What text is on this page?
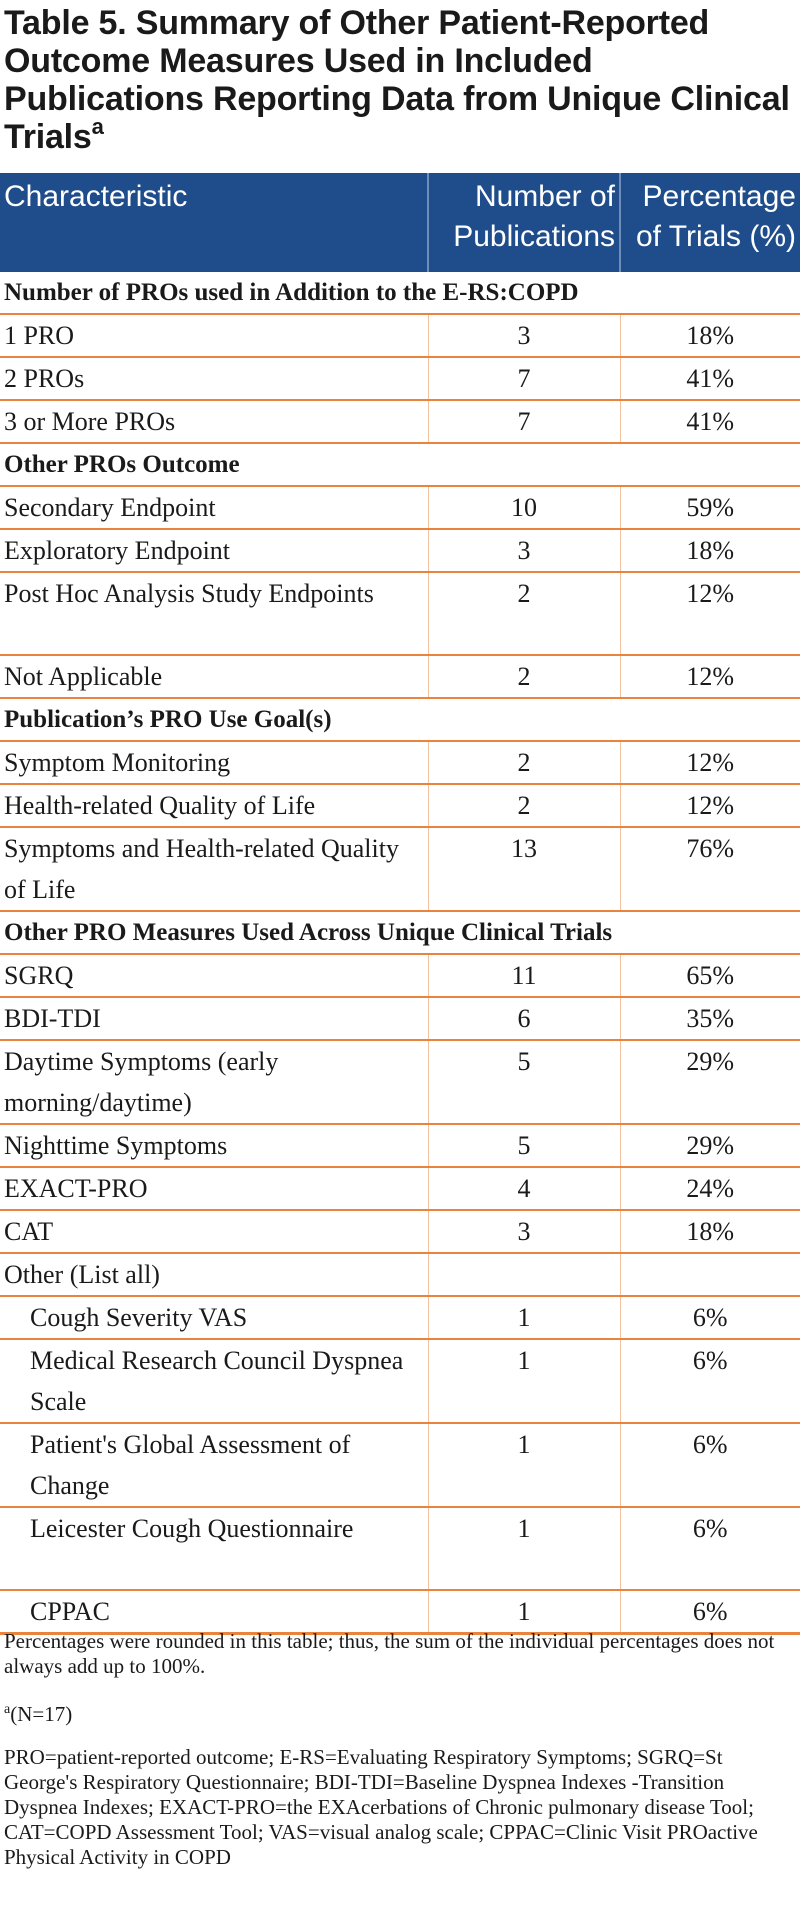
Table 5. Summary of Other Patient-Reported Outcome Measures Used in Included Publications Reporting Data from Unique Clinical Trials$^a$
Characteristic	Number of Publications	Percentage of Trials (%)
Number of PROs used in Addition to the E-RS:COPD		
1 PRO	3	18%
2 PROs	7	41%
3 or More PROs	7	41%
Other PROs Outcome		
Secondary Endpoint	10	59%
Exploratory Endpoint	3	18%
Post Hoc Analysis Study Endpoints	2	12%
Not Applicable	2	12%
Publication’s PRO Use Goal(s)		
Symptom Monitoring	2	12%
Health-related Quality of Life	2	12%
Symptoms and Health-related Quality of Life	13	76%
Other PRO Measures Used Across Unique Clinical Trials		
SGRQ	11	65%
BDI-TDI	6	35%
Daytime Symptoms (early morning/daytime)	5	29%
Nighttime Symptoms	5	29%
EXACT-PRO	4	24%
CAT	3	18%
Other (List all)		
Cough Severity VAS	1	6%
Medical Research Council Dyspnea Scale	1	6%
Patient's Global Assessment of Change	1	6%
Leicester Cough Questionnaire	1	6%
CPPAC	1	6%

Percentages were rounded in this table; thus, the sum of the individual percentages does not always add up to 100%.

$^a$(N=17)

PRO=patient-reported outcome; E-RS=Evaluating Respiratory Symptoms; SGRQ=St George's Respiratory Questionnaire; BDI-TDI=Baseline Dyspnea Indexes -Transition Dyspnea Indexes; EXACT-PRO=the EXAcerbations of Chronic pulmonary disease Tool; CAT=COPD Assessment Tool; VAS=visual analog scale; CPPAC=Clinic Visit PROactive Physical Activity in COPD
